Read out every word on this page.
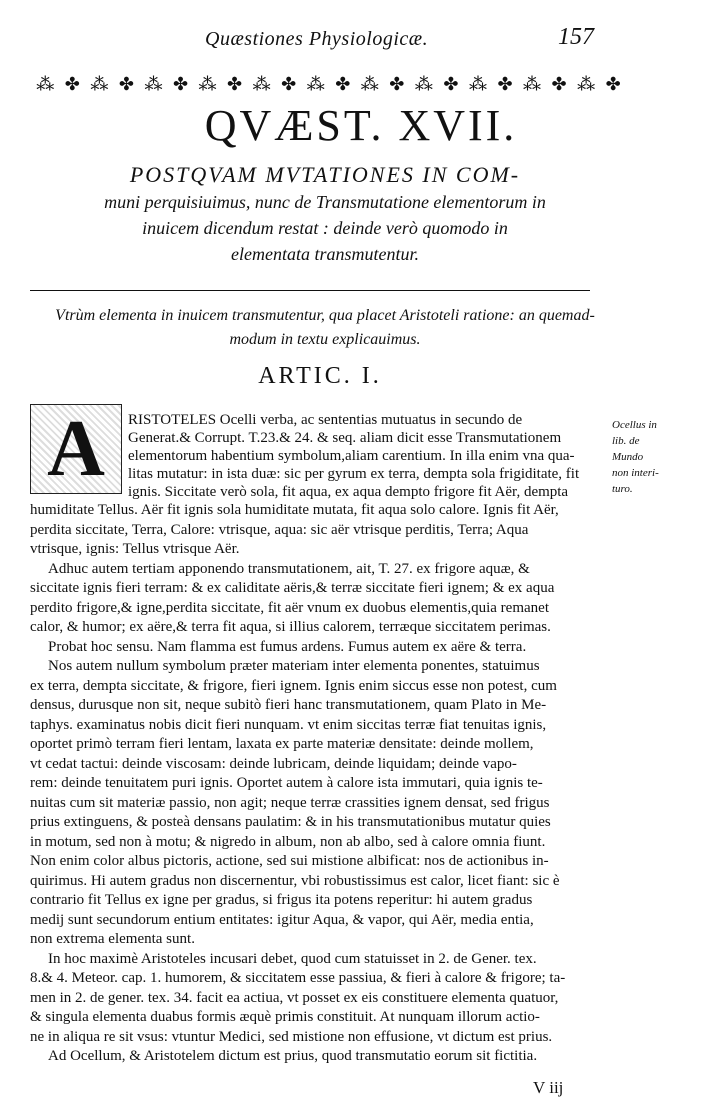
Quæstiones Physiologicæ.	157
⁂ ✤ ⁂ ✤ ⁂ ✤ ⁂ ✤ ⁂ ✤ ⁂ ✤ ⁂ ✤ ⁂ ✤ ⁂ ✤ ⁂ ✤ ⁂ ✤
QVÆST. XVII.
POSTQVAM MVTATIONES IN COM-
muni perquisiuimus, nunc de Transmutatione elementorum in
inuicem dicendum restat : deinde verò quomodo in
elementata transmutentur.
Vtrùm elementa in inuicem transmutentur, qua placet Aristoteli ratione: an quemad-
modum in textu explicauimus.
ARTIC. I.
A	RISTOTELES Ocelli verba, ac sententias mutuatus in secundo de
Generat.& Corrupt. T.23.& 24. & seq. aliam dicit esse Transmutationem
elementorum habentium symbolum,aliam carentium. In illa enim vna qua-
litas mutatur: in ista duæ: sic per gyrum ex terra, dempta sola frigiditate, fit
ignis. Siccitate verò sola, fit aqua, ex aqua dempto frigore fit Aër, dempta
humiditate Tellus. Aër fit ignis sola humiditate mutata, fit aqua solo calore. Ignis fit Aër,
perdita siccitate, Terra, Calore: vtrisque, aqua: sic aër vtrisque perditis, Terra; Aqua
vtrisque, ignis: Tellus vtrisque Aër.
Adhuc autem tertiam apponendo transmutationem, ait, T. 27. ex frigore aquæ, &
siccitate ignis fieri terram: & ex caliditate aëris,& terræ siccitate fieri ignem; & ex aqua
perdito frigore,& igne,perdita siccitate, fit aër vnum ex duobus elementis,quia remanet
calor, & humor; ex aëre,& terra fit aqua, si illius calorem, terræque siccitatem perimas.
Probat hoc sensu. Nam flamma est fumus ardens. Fumus autem ex aëre & terra.
Nos autem nullum symbolum præter materiam inter elementa ponentes, statuimus
ex terra, dempta siccitate, & frigore, fieri ignem. Ignis enim siccus esse non potest, cum
densus, durusque non sit, neque subitò fieri hanc transmutationem, quam Plato in Me-
taphys. examinatus nobis dicit fieri nunquam. vt enim siccitas terræ fiat tenuitas ignis,
oportet primò terram fieri lentam, laxata ex parte materiæ densitate: deinde mollem,
vt cedat tactui: deinde viscosam: deinde lubricam, deinde liquidam; deinde vapo-
rem: deinde tenuitatem puri ignis. Oportet autem à calore ista immutari, quia ignis te-
nuitas cum sit materiæ passio, non agit; neque terræ crassities ignem densat, sed frigus
prius extinguens, & posteà densans paulatim: & in his transmutationibus mutatur quies
in motum, sed non à motu; & nigredo in album, non ab albo, sed à calore omnia fiunt.
Non enim color albus pictoris, actione, sed sui mistione albificat: nos de actionibus in-
quirimus. Hi autem gradus non discernentur, vbi robustissimus est calor, licet fiant: sic è
contrario fit Tellus ex igne per gradus, si frigus ita potens reperitur: hi autem gradus
medij sunt secundorum entium entitates: igitur Aqua, & vapor, qui Aër, media entia,
non extrema elementa sunt.
In hoc maximè Aristoteles incusari debet, quod cum statuisset in 2. de Gener. tex.
8.& 4. Meteor. cap. 1. humorem, & siccitatem esse passiua, & fieri à calore & frigore; ta-
men in 2. de gener. tex. 34. facit ea actiua, vt posset ex eis constituere elementa quatuor,
& singula elementa duabus formis æquè primis constituit. At nunquam illorum actio-
ne in aliqua re sit vsus: vtuntur Medici, sed mistione non effusione, vt dictum est prius.
Ad Ocellum, & Aristotelem dictum est prius, quod transmutatio eorum sit fictitia.
Ocellus in
lib. de
Mundo
non interi-
turo.
V iij
